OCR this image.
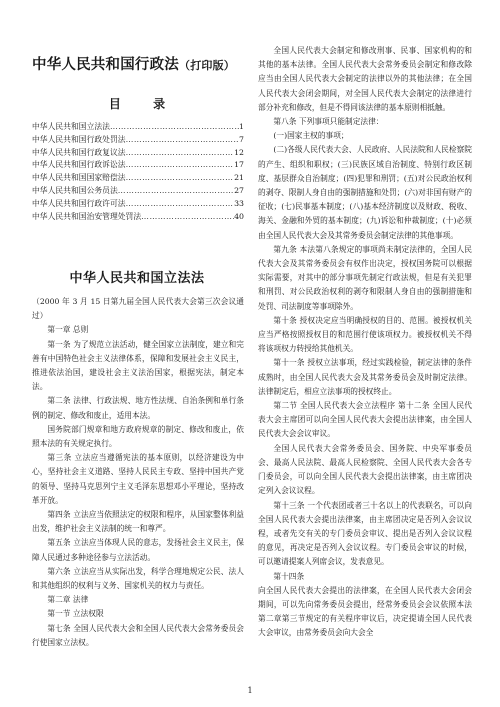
中华人民共和国行政法（打印版）
目 录
中华人民共和国立法法 …………………………………………………………………………………………………………………	1
中华人民共和国行政处罚法 …………………………………………………………………………………………………………………	7
中华人民共和国行政复议法 …………………………………………………………………………………………………………………	12
中华人民共和国行政诉讼法 …………………………………………………………………………………………………………………	17
中华人民共和国国家赔偿法 …………………………………………………………………………………………………………………	21
中华人民共和国公务员法 …………………………………………………………………………………………………………………	27
中华人民共和国行政许可法 …………………………………………………………………………………………………………………	33
中华人民共和国治安管理处罚法 …………………………………………………………………………………………………………………	40
中华人民共和国立法法

（2000 年 3 月 15 日第九届全国人民代表大会第三次会议通过）

第一章 总则

第一条 为了规范立法活动，健全国家立法制度，建立和完善有中国特色社会主义法律体系，保障和发展社会主义民主，推进依法治国，建设社会主义法治国家，根据宪法，制定本法。

第二条 法律、行政法规、地方性法规、自治条例和单行条例的制定、修改和废止，适用本法。

国务院部门规章和地方政府规章的制定、修改和废止，依照本法的有关规定执行。

第三条 立法应当遵循宪法的基本原则，以经济建设为中心，坚持社会主义道路、坚持人民民主专政、坚持中国共产党的领导、坚持马克思列宁主义毛泽东思想邓小平理论，坚持改革开放。

第四条 立法应当依照法定的权限和程序，从国家整体利益出发，维护社会主义法制的统一和尊严。

第五条 立法应当体现人民的意志，发扬社会主义民主，保障人民通过多种途径参与立法活动。

第六条 立法应当从实际出发，科学合理地规定公民、法人和其他组织的权利与义务、国家机关的权力与责任。

第二章 法律

第一节 立法权限

第七条 全国人民代表大会和全国人民代表大会常务委员会行使国家立法权。

全国人民代表大会制定和修改刑事、民事、国家机构的和其他的基本法律。全国人民代表大会常务委员会制定和修改除应当由全国人民代表大会制定的法律以外的其他法律；在全国人民代表大会闭会期间，对全国人民代表大会制定的法律进行部分补充和修改，但是不得同该法律的基本原则相抵触。

第八条 下列事项只能制定法律：

(一)国家主权的事项；

(二)各级人民代表大会、人民政府、人民法院和人民检察院的产生、组织和职权；(三)民族区域自治制度、特别行政区制度、基层群众自治制度；(四)犯罪和刑罚；(五)对公民政治权利的剥夺、限制人身自由的强制措施和处罚；(六)对非国有财产的征收；(七)民事基本制度；(八)基本经济制度以及财政、税收、海关、金融和外贸的基本制度；(九)诉讼和仲裁制度；(十)必须由全国人民代表大会及其常务委员会制定法律的其他事项。

第九条 本法第八条规定的事项尚未制定法律的，全国人民代表大会及其常务委员会有权作出决定，授权国务院可以根据实际需要，对其中的部分事项先制定行政法规，但是有关犯罪和刑罚、对公民政治权利的剥夺和限制人身自由的强制措施和处罚、司法制度等事项除外。

第十条 授权决定应当明确授权的目的、范围。被授权机关应当严格按照授权目的和范围行使该项权力。被授权机关不得将该项权力转授给其他机关。

第十一条 授权立法事项，经过实践检验，制定法律的条件成熟时，由全国人民代表大会及其常务委员会及时制定法律。法律制定后，相应立法事项的授权终止。

第二节 全国人民代表大会立法程序 第十二条 全国人民代表大会主席团可以向全国人民代表大会提出法律案，由全国人民代表大会会议审议。

全国人民代表大会常务委员会、国务院、中央军事委员会、最高人民法院、最高人民检察院、全国人民代表大会各专门委员会，可以向全国人民代表大会提出法律案，由主席团决定列入会议议程。

第十三条 一个代表团或者三十名以上的代表联名，可以向全国人民代表大会提出法律案，由主席团决定是否列入会议议程，或者先交有关的专门委员会审议、提出是否列入会议议程的意见，再决定是否列入会议议程。专门委员会审议的时候，可以邀请提案人列席会议，发表意见。

第十四条

向全国人民代表大会提出的法律案，在全国人民代表大会闭会期间，可以先向常务委员会提出，经常务委员会会议依照本法第二章第三节规定的有关程序审议后，决定提请全国人民代表大会审议，由常务委员会向大会全

1
